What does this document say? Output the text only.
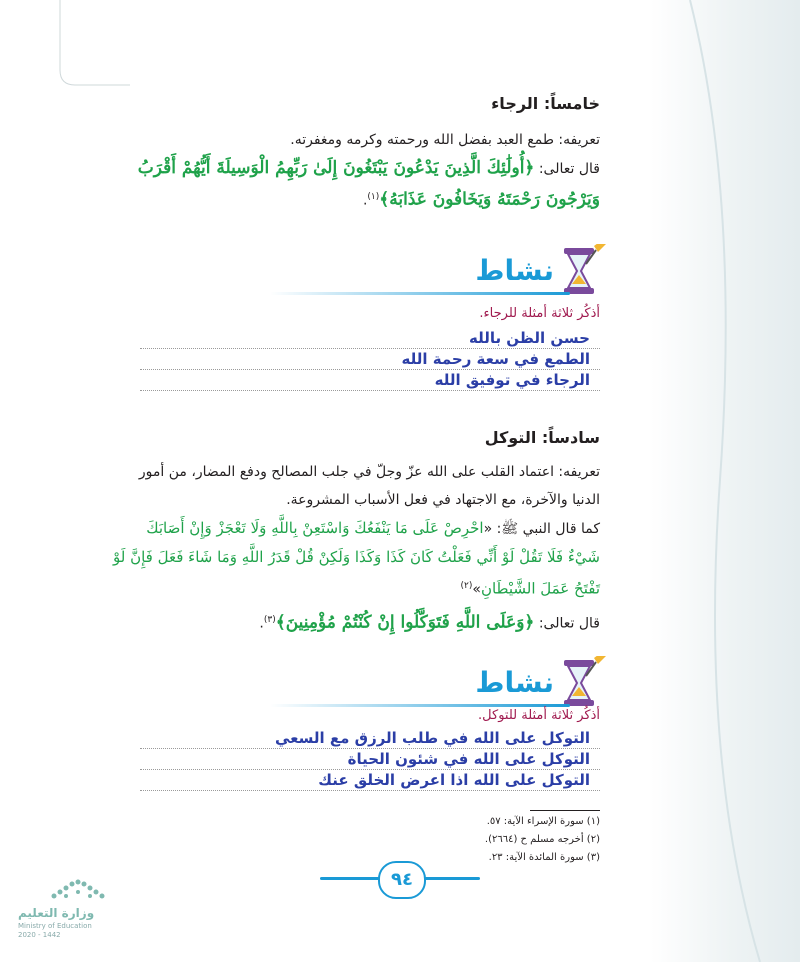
خامساً: الرجاء
تعريفه: طمع العبد بفضل الله ورحمته وكرمه ومغفرته.
قال تعالى: ﴿أُولَٰئِكَ الَّذِينَ يَدْعُونَ يَبْتَغُونَ إِلَىٰ رَبِّهِمُ الْوَسِيلَةَ أَيُّهُمْ أَقْرَبُ وَيَرْجُونَ رَحْمَتَهُ وَيَخَافُونَ عَذَابَهُ﴾$^{(١)}$.
نشاط
أذكُر ثلاثة أمثلة للرجاء.
حسن الظن بالله
الطمع في سعة رحمة الله
الرجاء في توفيق الله
سادساً: التوكل
تعريفه: اعتماد القلب على الله عزّ وجلّ في جلب المصالح ودفع المضار، من أمور الدنيا والآخرة، مع الاجتهاد في فعل الأسباب المشروعة.
كما قال النبي ﷺ: «احْرِصْ عَلَى مَا يَنْفَعُكَ وَاسْتَعِنْ بِاللَّهِ وَلَا تَعْجَزْ وَإِنْ أَصَابَكَ شَيْءٌ فَلَا تَقُلْ لَوْ أَنِّي فَعَلْتُ كَانَ كَذَا وَكَذَا وَلَكِنْ قُلْ قَدَرُ اللَّهِ وَمَا شَاءَ فَعَلَ فَإِنَّ لَوْ تَفْتَحُ عَمَلَ الشَّيْطَانِ»$^{(٢)}$
قال تعالى: ﴿وَعَلَى اللَّهِ فَتَوَكَّلُوا إِنْ كُنْتُمْ مُؤْمِنِينَ﴾$^{(٣)}$.
نشاط
أذكُر ثلاثة أمثلة للتوكل.
التوكل على الله في طلب الرزق مع السعي
التوكل على الله في شئون الحياة
التوكل على الله اذا اعرض الخلق عنك
(١) سورة الإسراء الآية: ٥٧.
(٢) أخرجه مسلم ح (٢٦٦٤).
(٣) سورة المائدة الآية: ٢٣.
٩٤
وزارة التعليم
Ministry of Education
2020 - 1442
